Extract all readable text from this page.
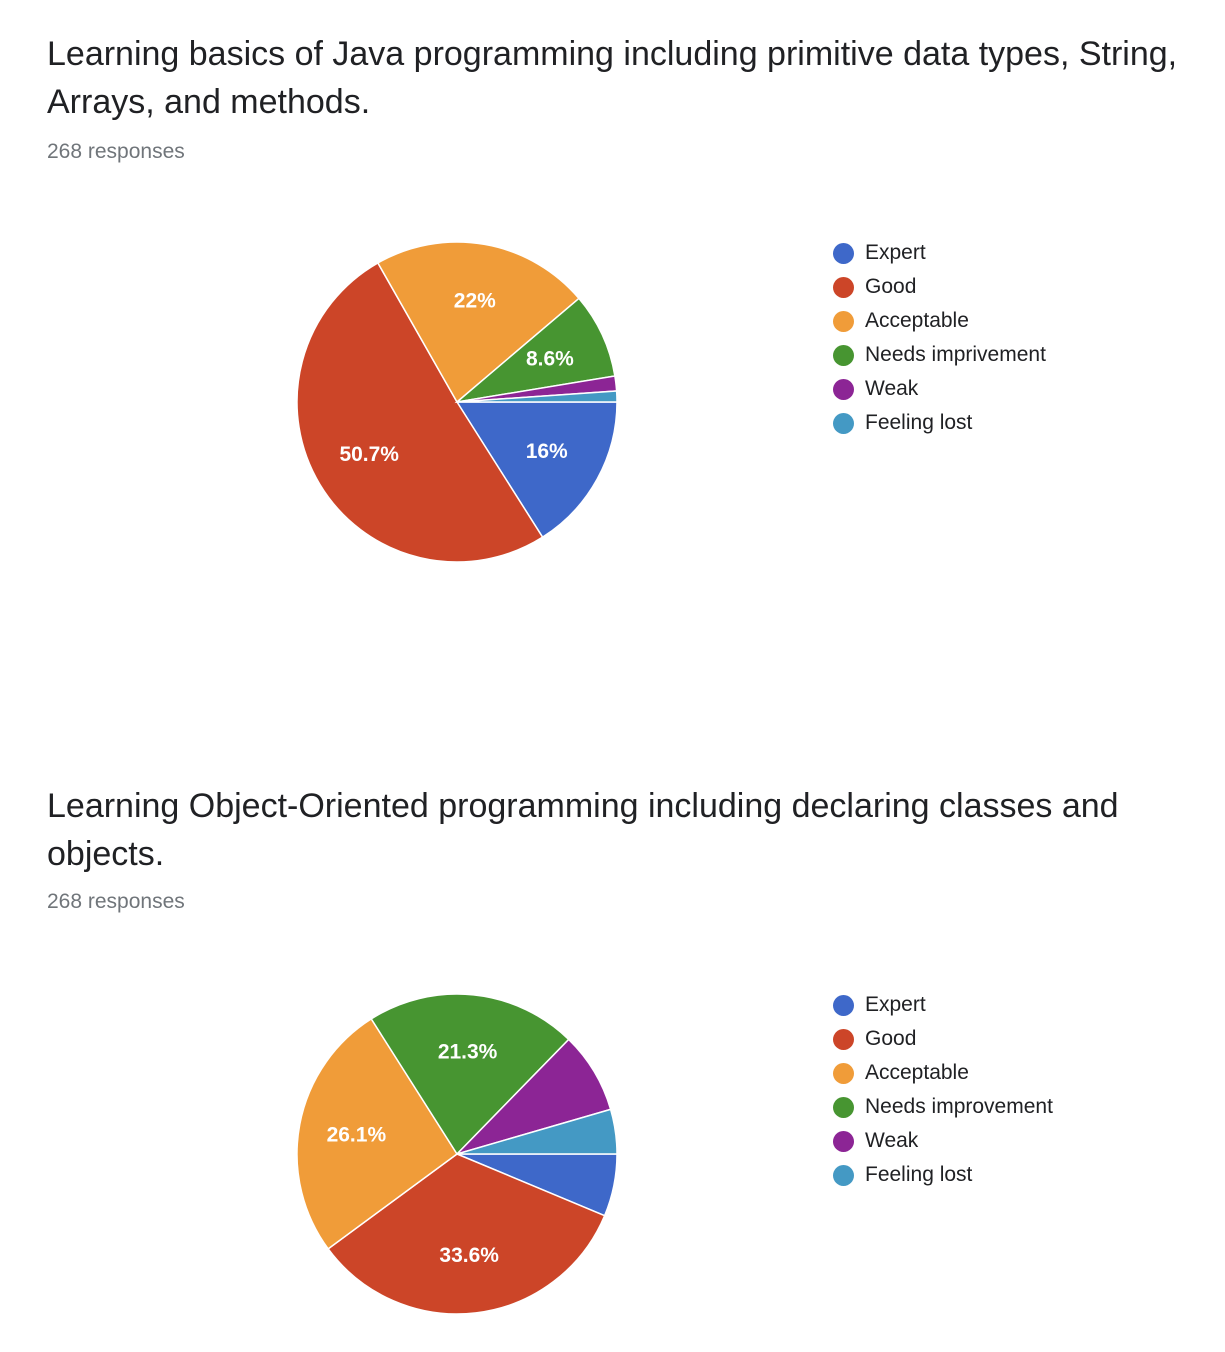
Learning basics of Java programming including primitive data types, String, Arrays, and methods.

268 responses

16%
50.7%
22%
8.6%
Expert
Good
Acceptable
Needs imprivement
Weak
Feeling lost
Learning Object-Oriented programming including declaring classes and objects.

268 responses

33.6%
26.1%
21.3%
Expert
Good
Acceptable
Needs improvement
Weak
Feeling lost
